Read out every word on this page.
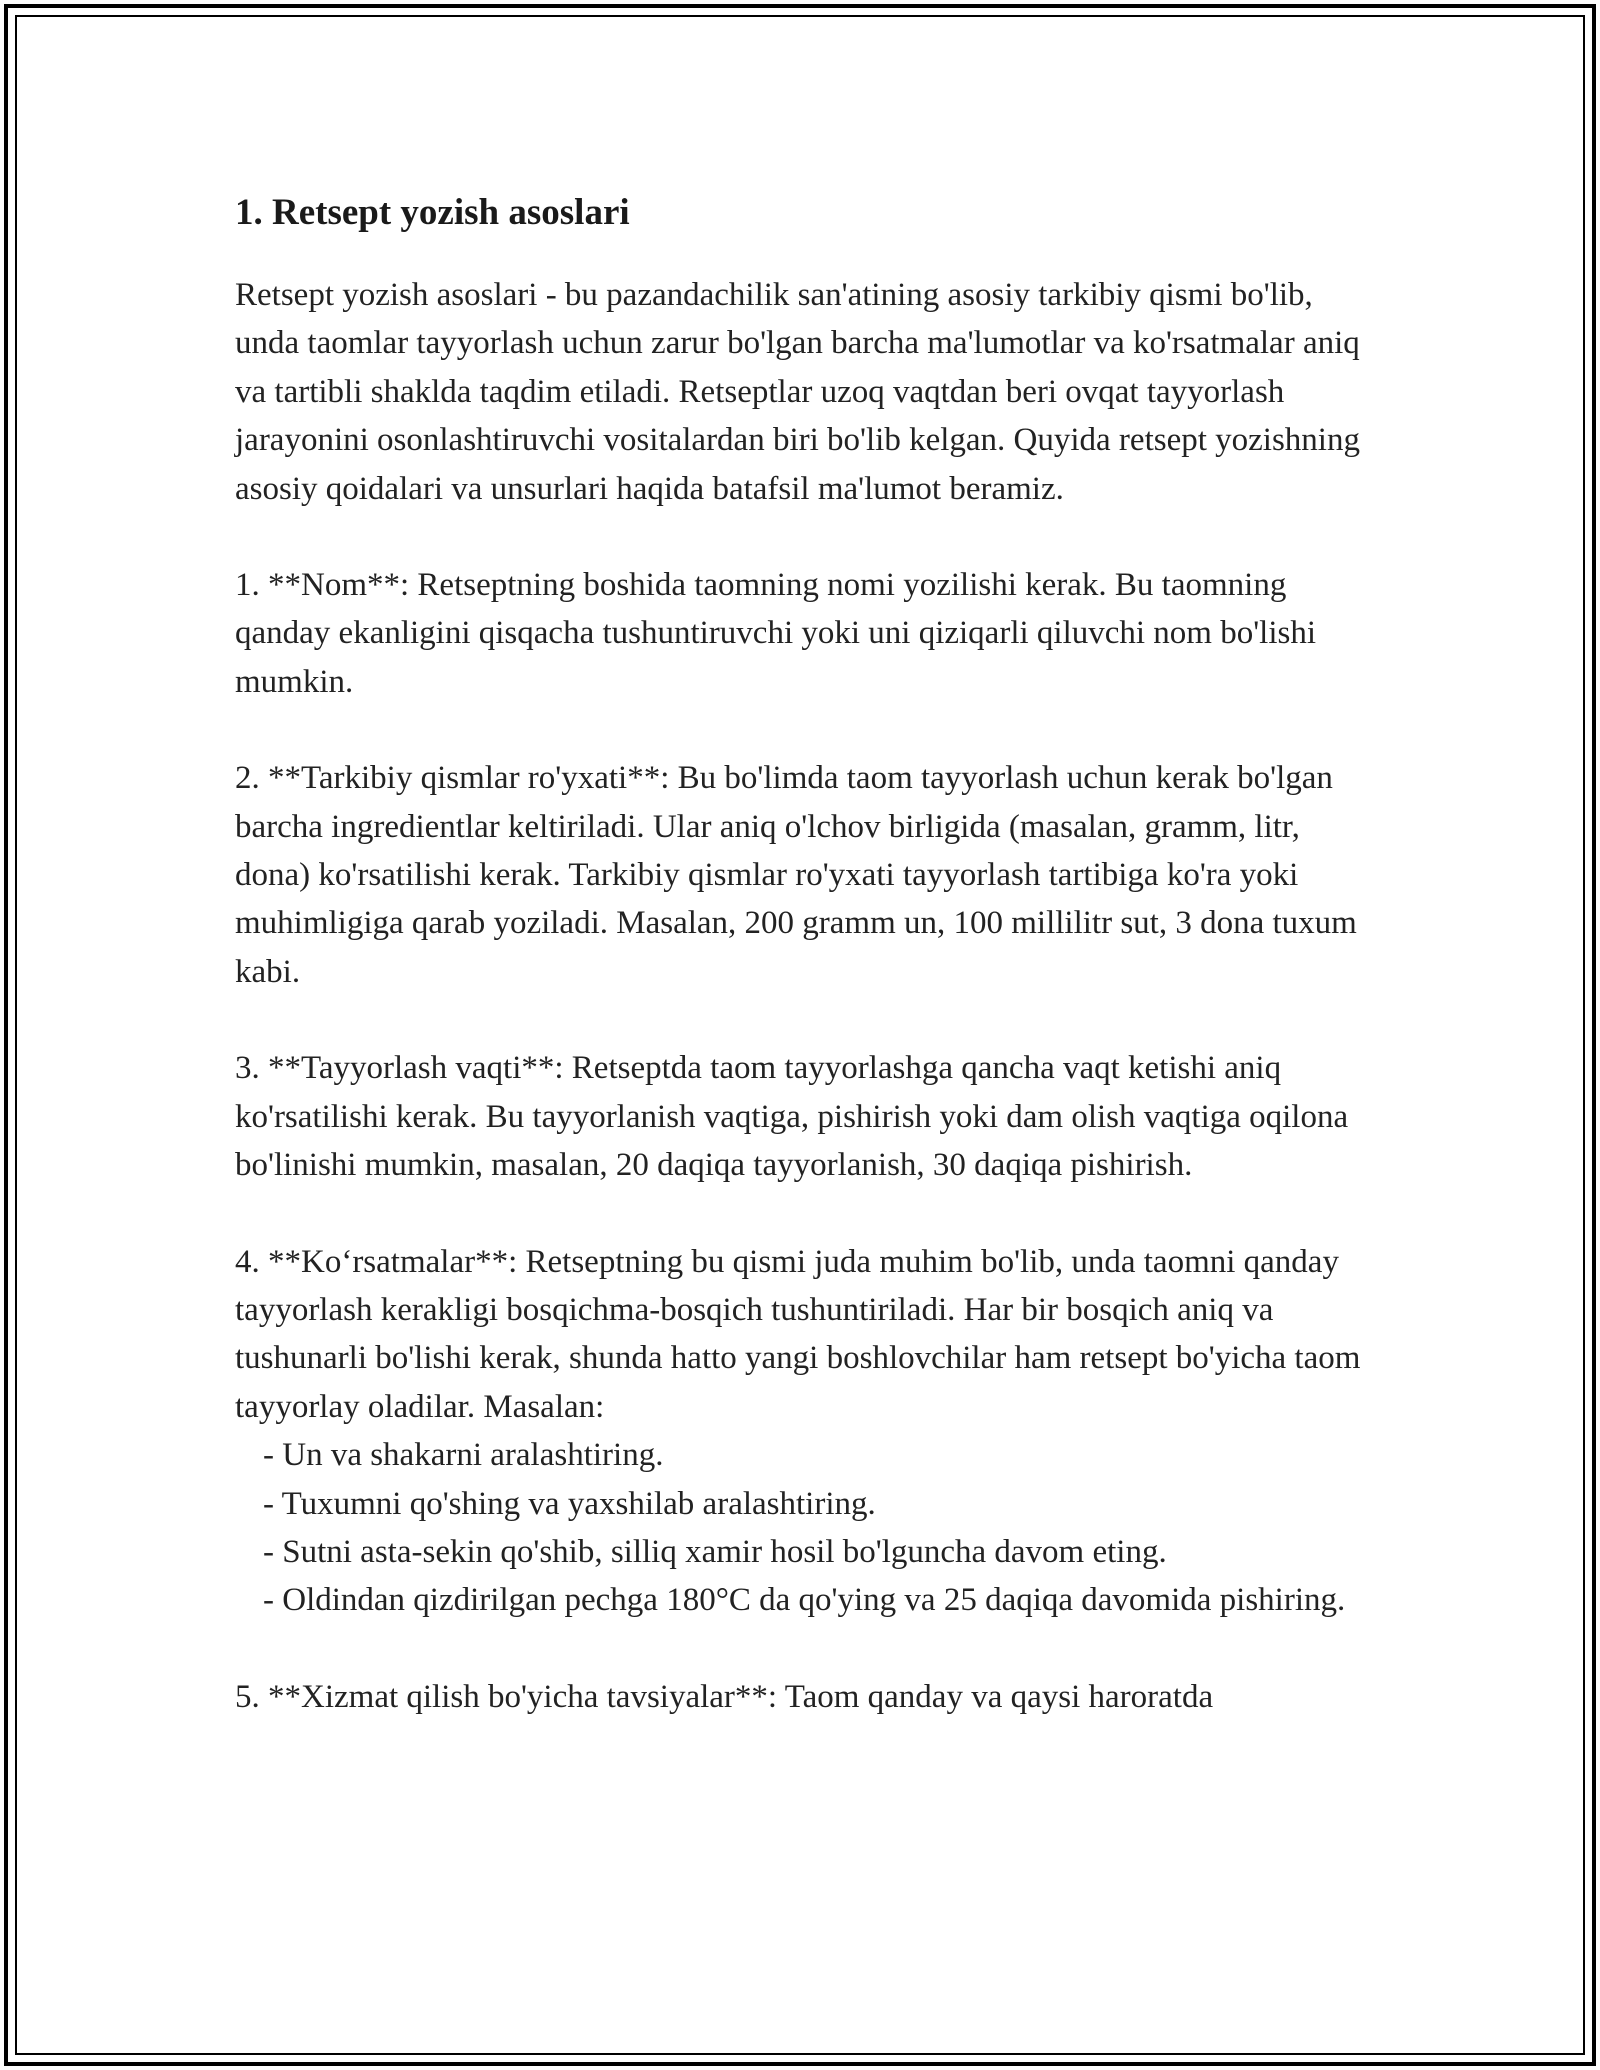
1. Retsept yozish asoslari

Retsept yozish asoslari - bu pazandachilik san'atining asosiy tarkibiy qismi bo'lib, unda taomlar tayyorlash uchun zarur bo'lgan barcha ma'lumotlar va ko'rsatmalar aniq va tartibli shaklda taqdim etiladi. Retseptlar uzoq vaqtdan beri ovqat tayyorlash jarayonini osonlashtiruvchi vositalardan biri bo'lib kelgan. Quyida retsept yozishning asosiy qoidalari va unsurlari haqida batafsil ma'lumot beramiz.

1. **Nom**: Retseptning boshida taomning nomi yozilishi kerak. Bu taomning qanday ekanligini qisqacha tushuntiruvchi yoki uni qiziqarli qiluvchi nom bo'lishi mumkin.
2. **Tarkibiy qismlar ro'yxati**: Bu bo'limda taom tayyorlash uchun kerak bo'lgan barcha ingredientlar keltiriladi. Ular aniq o'lchov birligida (masalan, gramm, litr, dona) ko'rsatilishi kerak. Tarkibiy qismlar ro'yxati tayyorlash tartibiga ko'ra yoki muhimligiga qarab yoziladi. Masalan, 200 gramm un, 100 millilitr sut, 3 dona tuxum kabi.
3. **Tayyorlash vaqti**: Retseptda taom tayyorlashga qancha vaqt ketishi aniq ko'rsatilishi kerak. Bu tayyorlanish vaqtiga, pishirish yoki dam olish vaqtiga oqilona bo'linishi mumkin, masalan, 20 daqiqa tayyorlanish, 30 daqiqa pishirish.
4. **Ko‘rsatmalar**: Retseptning bu qismi juda muhim bo'lib, unda taomni qanday tayyorlash kerakligi bosqichma-bosqich tushuntiriladi. Har bir bosqich aniq va tushunarli bo'lishi kerak, shunda hatto yangi boshlovchilar ham retsept bo'yicha taom tayyorlay oladilar. Masalan:
- Un va shakarni aralashtiring.
- Tuxumni qo'shing va yaxshilab aralashtiring.
- Sutni asta-sekin qo'shib, silliq xamir hosil bo'lguncha davom eting.
- Oldindan qizdirilgan pechga 180°C da qo'ying va 25 daqiqa davomida pishiring.
5. **Xizmat qilish bo'yicha tavsiyalar**: Taom qanday va qaysi haroratda
